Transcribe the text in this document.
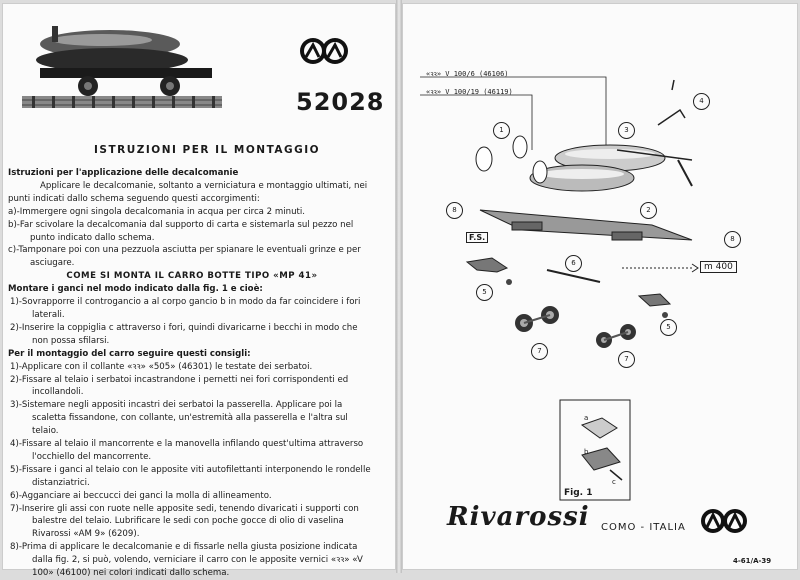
52028
ISTRUZIONI PER IL MONTAGGIO

Istruzioni per l'applicazione delle decalcomanie

Applicare le decalcomanie, soltanto a verniciatura e montaggio ultimati, nei punti indicati dallo schema seguendo questi accorgimenti:

a)-Immergere ogni singola decalcomania in acqua per circa 2 minuti.

b)-Far scivolare la decalcomania dal supporto di carta e sistemarla sul pezzo nel punto indicato dallo schema.

c)-Tamponare poi con una pezzuola asciutta per spianare le eventuali grinze e per asciugare.

COME SI MONTA IL CARRO BOTTE TIPO «MP 41»

Montare i ganci nel modo indicato dalla fig. 1 e cioè:

1)-Sovrapporre il controgancio a al corpo gancio b in modo da far coincidere i fori laterali.

2)-Inserire la coppiglia c attraverso i fori, quindi divaricarne i becchi in modo che non possa sfilarsi.

Per il montaggio del carro seguire questi consigli:

1)-Applicare con il collante «ꝛꝛ» «505» (46301) le testate dei serbatoi.

2)-Fissare al telaio i serbatoi incastrandone i pernetti nei fori corrispondenti ed incollandoli.

3)-Sistemare negli appositi incastri dei serbatoi la passerella. Applicare poi la scaletta fissandone, con collante, un'estremità alla passerella e l'altra sul telaio.

4)-Fissare al telaio il mancorrente e la manovella infilando quest'ultima attraverso l'occhiello del mancorrente.

5)-Fissare i ganci al telaio con le apposite viti autofilettanti interponendo le rondelle distanziatrici.

6)-Agganciare ai beccucci dei ganci la molla di allineamento.

7)-Inserire gli assi con ruote nelle apposite sedi, tenendo divaricati i supporti con balestre del telaio. Lubrificare le sedi con poche gocce di olio di vaselina Rivarossi «AM 9» (6209).

8)-Prima di applicare le decalcomanie e di fissarle nella giusta posizione indicata dalla fig. 2, si può, volendo, verniciare il carro con le apposite vernici «ꝛꝛ» «V 100» (46100) nei colori indicati dallo schema.

«ꝛꝛ» V 100/6 (46106)
«ꝛꝛ» V 100/19 (46119)
1
2
3
4
5
5
6
7
7
8
8
F.S.
m 400
a
b
c
Fig. 1
Rivarossi COMO - ITALIA
4-61/A-39
